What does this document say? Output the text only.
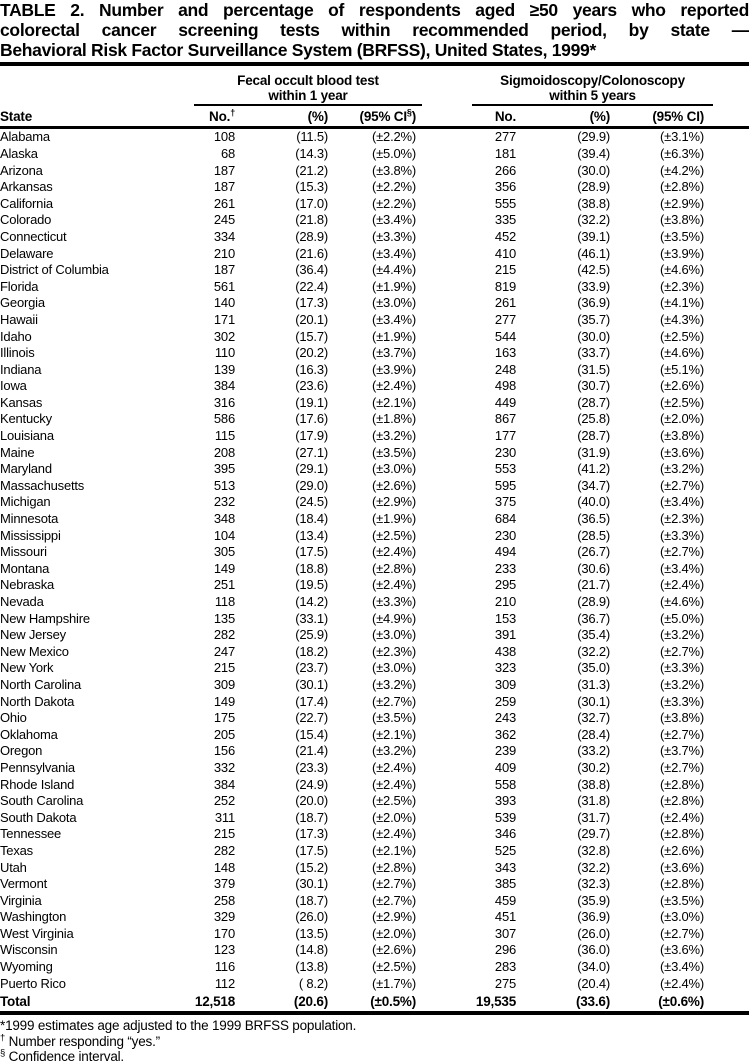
TABLE 2. Number and percentage of respondents aged ≥50 years who reported
colorectal cancer screening tests within recommended period, by state —
Behavioral Risk Factor Surveillance System (BRFSS), United States, 1999*
State	
Fecal occult blood test
within 1 year

Sigmoidoscopy/Colonoscopy
within 5 years

	No.†	(%)	(95% CI§)	No.	(%)	(95% CI)
Alabama	108	(11.5)	(±2.2%)	277	(29.9)	(±3.1%)
Alaska	68	(14.3)	(±5.0%)	181	(39.4)	(±6.3%)
Arizona	187	(21.2)	(±3.8%)	266	(30.0)	(±4.2%)
Arkansas	187	(15.3)	(±2.2%)	356	(28.9)	(±2.8%)
California	261	(17.0)	(±2.2%)	555	(38.8)	(±2.9%)
Colorado	245	(21.8)	(±3.4%)	335	(32.2)	(±3.8%)
Connecticut	334	(28.9)	(±3.3%)	452	(39.1)	(±3.5%)
Delaware	210	(21.6)	(±3.4%)	410	(46.1)	(±3.9%)
District of Columbia	187	(36.4)	(±4.4%)	215	(42.5)	(±4.6%)
Florida	561	(22.4)	(±1.9%)	819	(33.9)	(±2.3%)
Georgia	140	(17.3)	(±3.0%)	261	(36.9)	(±4.1%)
Hawaii	171	(20.1)	(±3.4%)	277	(35.7)	(±4.3%)
Idaho	302	(15.7)	(±1.9%)	544	(30.0)	(±2.5%)
Illinois	110	(20.2)	(±3.7%)	163	(33.7)	(±4.6%)
Indiana	139	(16.3)	(±3.9%)	248	(31.5)	(±5.1%)
Iowa	384	(23.6)	(±2.4%)	498	(30.7)	(±2.6%)
Kansas	316	(19.1)	(±2.1%)	449	(28.7)	(±2.5%)
Kentucky	586	(17.6)	(±1.8%)	867	(25.8)	(±2.0%)
Louisiana	115	(17.9)	(±3.2%)	177	(28.7)	(±3.8%)
Maine	208	(27.1)	(±3.5%)	230	(31.9)	(±3.6%)
Maryland	395	(29.1)	(±3.0%)	553	(41.2)	(±3.2%)
Massachusetts	513	(29.0)	(±2.6%)	595	(34.7)	(±2.7%)
Michigan	232	(24.5)	(±2.9%)	375	(40.0)	(±3.4%)
Minnesota	348	(18.4)	(±1.9%)	684	(36.5)	(±2.3%)
Mississippi	104	(13.4)	(±2.5%)	230	(28.5)	(±3.3%)
Missouri	305	(17.5)	(±2.4%)	494	(26.7)	(±2.7%)
Montana	149	(18.8)	(±2.8%)	233	(30.6)	(±3.4%)
Nebraska	251	(19.5)	(±2.4%)	295	(21.7)	(±2.4%)
Nevada	118	(14.2)	(±3.3%)	210	(28.9)	(±4.6%)
New Hampshire	135	(33.1)	(±4.9%)	153	(36.7)	(±5.0%)
New Jersey	282	(25.9)	(±3.0%)	391	(35.4)	(±3.2%)
New Mexico	247	(18.2)	(±2.3%)	438	(32.2)	(±2.7%)
New York	215	(23.7)	(±3.0%)	323	(35.0)	(±3.3%)
North Carolina	309	(30.1)	(±3.2%)	309	(31.3)	(±3.2%)
North Dakota	149	(17.4)	(±2.7%)	259	(30.1)	(±3.3%)
Ohio	175	(22.7)	(±3.5%)	243	(32.7)	(±3.8%)
Oklahoma	205	(15.4)	(±2.1%)	362	(28.4)	(±2.7%)
Oregon	156	(21.4)	(±3.2%)	239	(33.2)	(±3.7%)
Pennsylvania	332	(23.3)	(±2.4%)	409	(30.2)	(±2.7%)
Rhode Island	384	(24.9)	(±2.4%)	558	(38.8)	(±2.8%)
South Carolina	252	(20.0)	(±2.5%)	393	(31.8)	(±2.8%)
South Dakota	311	(18.7)	(±2.0%)	539	(31.7)	(±2.4%)
Tennessee	215	(17.3)	(±2.4%)	346	(29.7)	(±2.8%)
Texas	282	(17.5)	(±2.1%)	525	(32.8)	(±2.6%)
Utah	148	(15.2)	(±2.8%)	343	(32.2)	(±3.6%)
Vermont	379	(30.1)	(±2.7%)	385	(32.3)	(±2.8%)
Virginia	258	(18.7)	(±2.7%)	459	(35.9)	(±3.5%)
Washington	329	(26.0)	(±2.9%)	451	(36.9)	(±3.0%)
West Virginia	170	(13.5)	(±2.0%)	307	(26.0)	(±2.7%)
Wisconsin	123	(14.8)	(±2.6%)	296	(36.0)	(±3.6%)
Wyoming	116	(13.8)	(±2.5%)	283	(34.0)	(±3.4%)
Puerto Rico	112	( 8.2)	(±1.7%)	275	(20.4)	(±2.4%)
Total	12,518	(20.6)	(±0.5%)	19,535	(33.6)	(±0.6%)
*1999 estimates age adjusted to the 1999 BRFSS population.
† Number responding “yes.”
§ Confidence interval.
